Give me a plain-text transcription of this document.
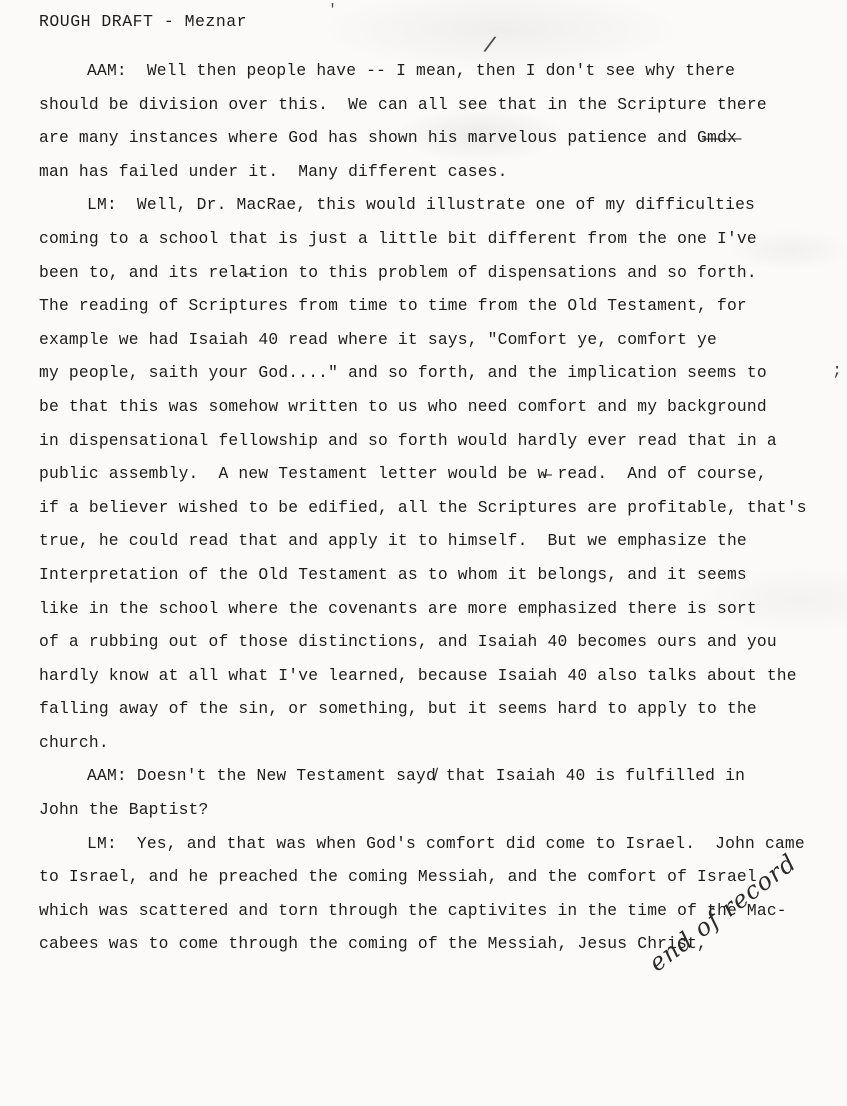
ROUGH DRAFT - Meznar
'
/
;
AAM:  Well then people have -- I mean, then I don't see why there
should be division over this.  We can all see that in the Scripture there
are many instances where God has shown his marvelous patience and G̶m̶d̶x̶
man has failed under it.  Many different cases.
LM:  Well, Dr. MacRae, this would illustrate one of my difficulties
coming to a school that is just a little bit different from the one I've
been to, and its rela̶tion to this problem of dispensations and so forth.
The reading of Scriptures from time to time from the Old Testament, for
example we had Isaiah 40 read where it says, "Comfort ye, comfort ye
my people, saith your God...." and so forth, and the implication seems to
be that this was somehow written to us who need comfort and my background
in dispensational fellowship and so forth would hardly ever read that in a
public assembly.  A new Testament letter would be w̶ read.  And of course,
if a believer wished to be edified, all the Scriptures are profitable, that's
true, he could read that and apply it to himself.  But we emphasize the
Interpretation of the Old Testament as to whom it belongs, and it seems
like in the school where the covenants are more emphasized there is sort
of a rubbing out of those distinctions, and Isaiah 40 becomes ours and you
hardly know at all what I've learned, because Isaiah 40 also talks about the
falling away of the sin, or something, but it seems hard to apply to the
church.
AAM: Doesn't the New Testament sayd̸ that Isaiah 40 is fulfilled in
John the Baptist?
LM:  Yes, and that was when God's comfort did come to Israel.  John came
to Israel, and he preached the coming Messiah, and the comfort of Israel
which was scattered and torn through the captivites in the time of the Mac-
cabees was to come through the coming of the Messiah, Jesus Christ,
end of record
